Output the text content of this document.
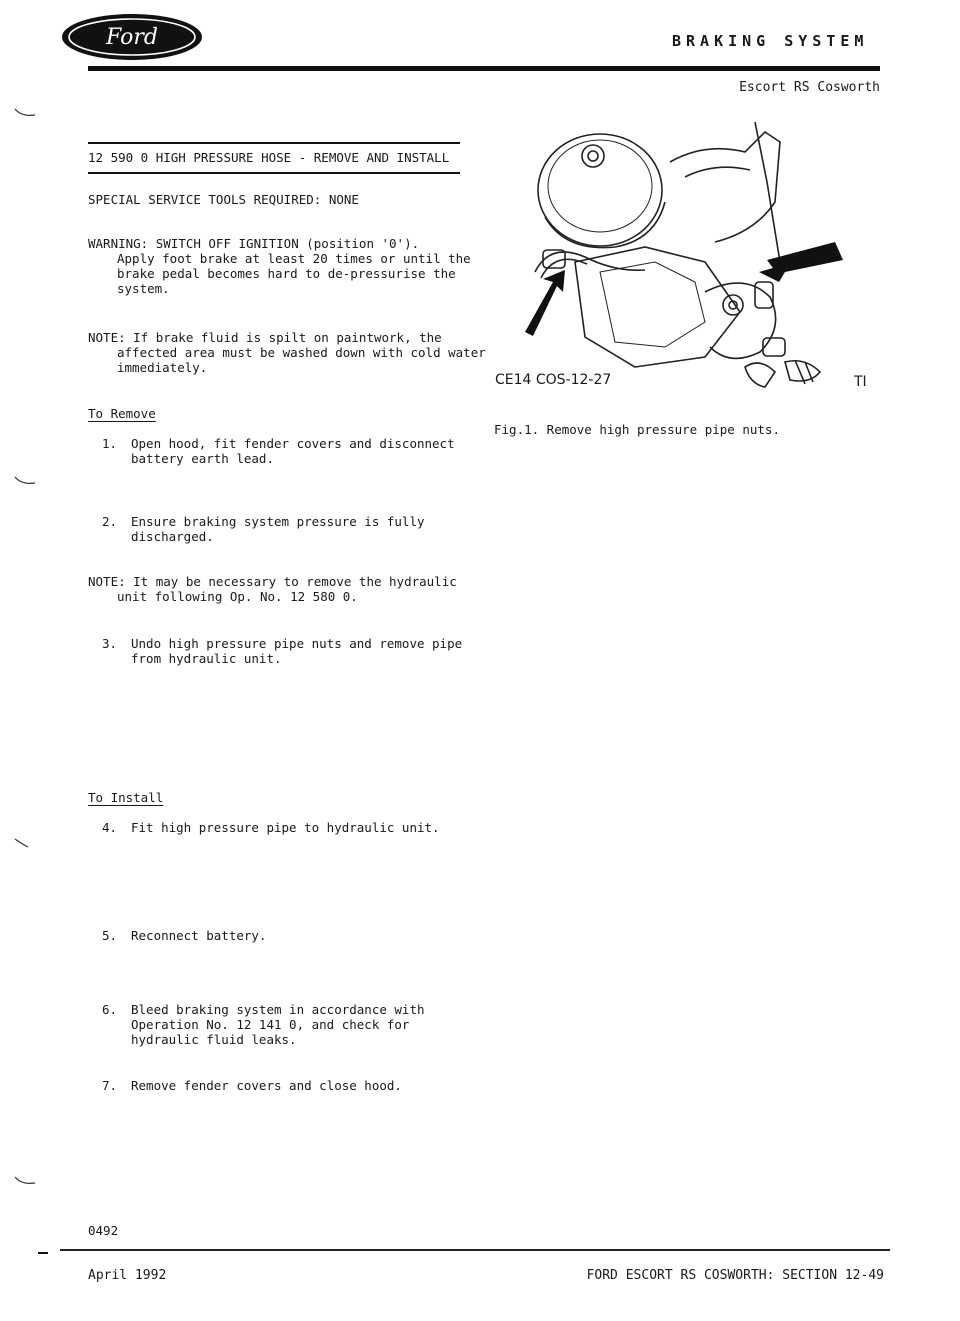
Ford	BRAKING SYSTEM
Escort RS Cosworth
12 590 0 HIGH PRESSURE HOSE - REMOVE AND INSTALL
SPECIAL SERVICE TOOLS REQUIRED: NONE
WARNING: SWITCH OFF IGNITION (position '0').
Apply foot brake at least 20 times or until the brake pedal becomes hard to de-pressurise the system.
NOTE: If brake fluid is spilt on paintwork, the
affected area must be washed down with cold water immediately.
To Remove
1. Open hood, fit fender covers and disconnect
battery earth lead.
2. Ensure braking system pressure is fully
discharged.
NOTE: It may be necessary to remove the hydraulic
unit following Op. No. 12 580 0.
3. Undo high pressure pipe nuts and remove pipe
from hydraulic unit.
To Install
4. Fit high pressure pipe to hydraulic unit.
5. Reconnect battery.
6. Bleed braking system in accordance with
Operation No. 12 141 0, and check for
hydraulic fluid leaks.
7. Remove fender covers and close hood.
CE14 COS-12-27	TI
Fig.1. Remove high pressure pipe nuts.
0492
April 1992	FORD ESCORT RS COSWORTH: SECTION 12-49
